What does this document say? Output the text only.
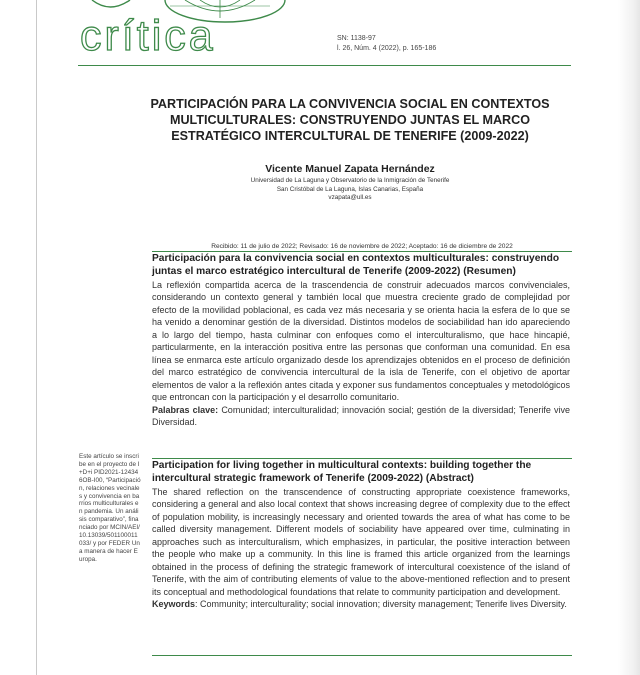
crítica	SN: 1138-97
l. 26, Núm. 4 (2022), p. 165-186
PARTICIPACIÓN PARA LA CONVIVENCIA SOCIAL EN CONTEXTOS MULTICULTURALES: CONSTRUYENDO JUNTAS EL MARCO ESTRATÉGICO INTERCULTURAL DE TENERIFE (2009-2022)
Vicente Manuel Zapata Hernández
Universidad de La Laguna y Observatorio de la Inmigración de Tenerife
San Cristóbal de La Laguna, Islas Canarias, España
vzapata@ull.es
Recibido: 11 de julio de 2022; Revisado: 16 de noviembre de 2022; Aceptado: 16 de diciembre de 2022
Participación para la convivencia social en contextos multiculturales: construyendo juntas el marco estratégico intercultural de Tenerife (2009-2022) (Resumen)

La reflexión compartida acerca de la trascendencia de construir adecuados marcos convivenciales, considerando un contexto general y también local que muestra creciente grado de complejidad por efecto de la movilidad poblacional, es cada vez más necesaria y se orienta hacia la esfera de lo que se ha venido a denominar gestión de la diversidad. Distintos modelos de sociabilidad han ido apareciendo a lo largo del tiempo, hasta culminar con enfoques como el interculturalismo, que hace hincapié, particularmente, en la interacción positiva entre las personas que conforman una comunidad. En esa línea se enmarca este artículo organizado desde los aprendizajes obtenidos en el proceso de definición del marco estratégico de convivencia intercultural de la isla de Tenerife, con el objetivo de aportar elementos de valor a la reflexión antes citada y exponer sus fundamentos conceptuales y metodológicos que entroncan con la participación y el desarrollo comunitario.

Palabras clave: Comunidad; interculturalidad; innovación social; gestión de la diversidad; Tenerife vive Diversidad.

Participation for living together in multicultural contexts: building together the intercultural strategic framework of Tenerife (2009-2022) (Abstract)

The shared reflection on the transcendence of constructing appropriate coexistence frameworks, considering a general and also local context that shows increasing degree of complexity due to the effect of population mobility, is increasingly necessary and oriented towards the area of what has come to be called diversity management. Different models of sociability have appeared over time, culminating in approaches such as interculturalism, which emphasizes, in particular, the positive interaction between the people who make up a community. In this line is framed this article organized from the learnings obtained in the process of defining the strategic framework of intercultural coexistence of the island of Tenerife, with the aim of contributing elements of value to the above-mentioned reflection and to present its conceptual and methodological foundations that relate to community participation and development.

Keywords: Community; interculturality; social innovation; diversity management; Tenerife lives Diversity.

Este artículo se inscribe en el proyecto de I+D+i PID2021-124346OB-I00, “Participación, relaciones vecinales y convivencia en barrios multiculturales en pandemia. Un análisis comparativo”, financiado por MCIN/AEI/10.13039/501100011033/ y por FEDER Una manera de hacer Europa.
